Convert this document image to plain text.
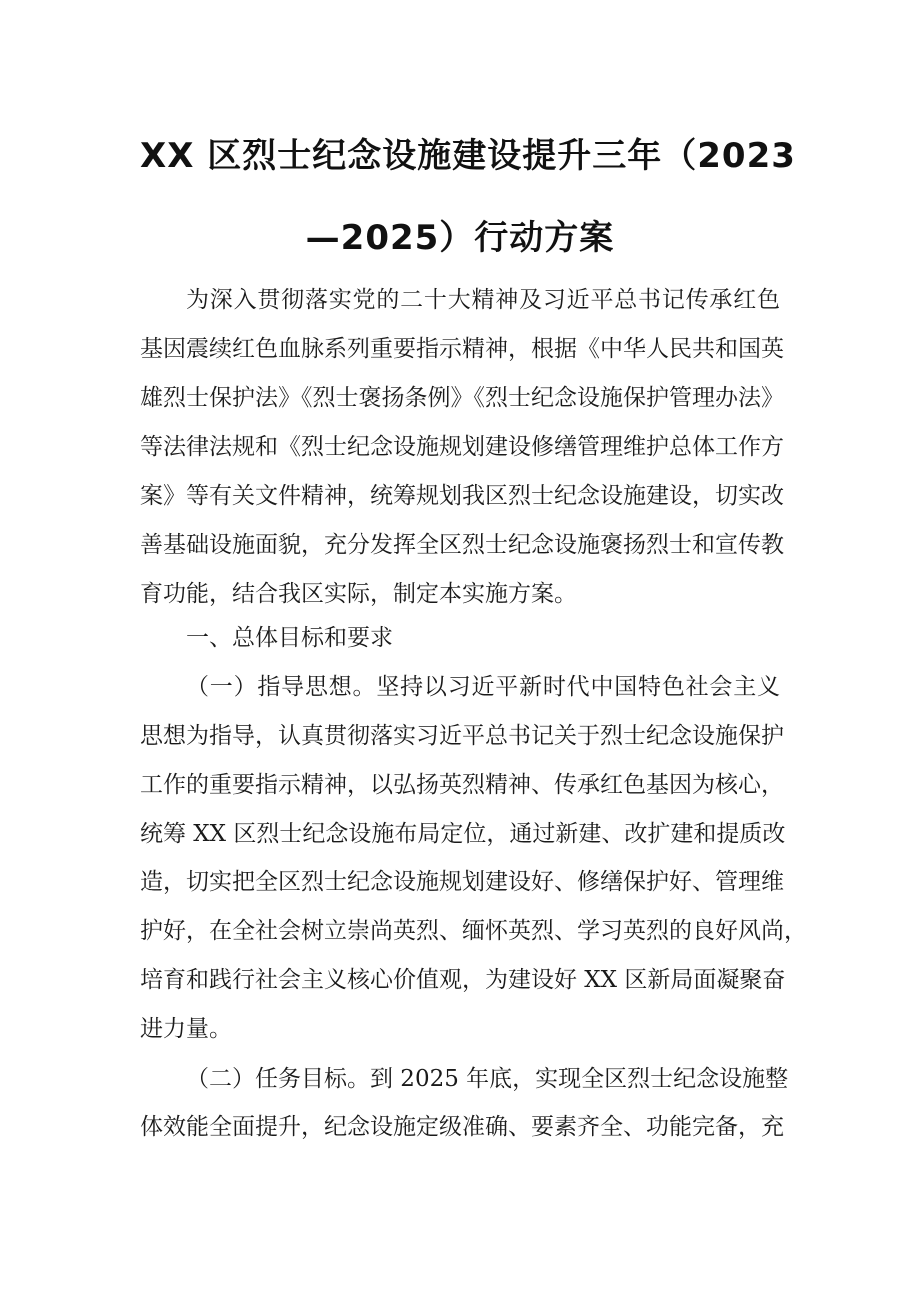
XX 区烈士纪念设施建设提升三年（2023
—2025）行动方案
为深入贯彻落实党的二十大精神及习近平总书记传承红色
基因震续红色血脉系列重要指示精神，根据《中华人民共和国英
雄烈士保护法》《烈士褒扬条例》《烈士纪念设施保护管理办法》
等法律法规和《烈士纪念设施规划建设修缮管理维护总体工作方
案》等有关文件精神，统筹规划我区烈士纪念设施建设，切实改
善基础设施面貌，充分发挥全区烈士纪念设施褒扬烈士和宣传教
育功能，结合我区实际，制定本实施方案。
一、总体目标和要求
（一）指导思想。坚持以习近平新时代中国特色社会主义
思想为指导，认真贯彻落实习近平总书记关于烈士纪念设施保护
工作的重要指示精神，以弘扬英烈精神、传承红色基因为核心，
统筹 XX 区烈士纪念设施布局定位，通过新建、改扩建和提质改
造，切实把全区烈士纪念设施规划建设好、修缮保护好、管理维
护好，在全社会树立崇尚英烈、缅怀英烈、学习英烈的良好风尚，
培育和践行社会主义核心价值观，为建设好 XX 区新局面凝聚奋
进力量。
（二）任务目标。到 2025 年底，实现全区烈士纪念设施整
体效能全面提升，纪念设施定级准确、要素齐全、功能完备，充
